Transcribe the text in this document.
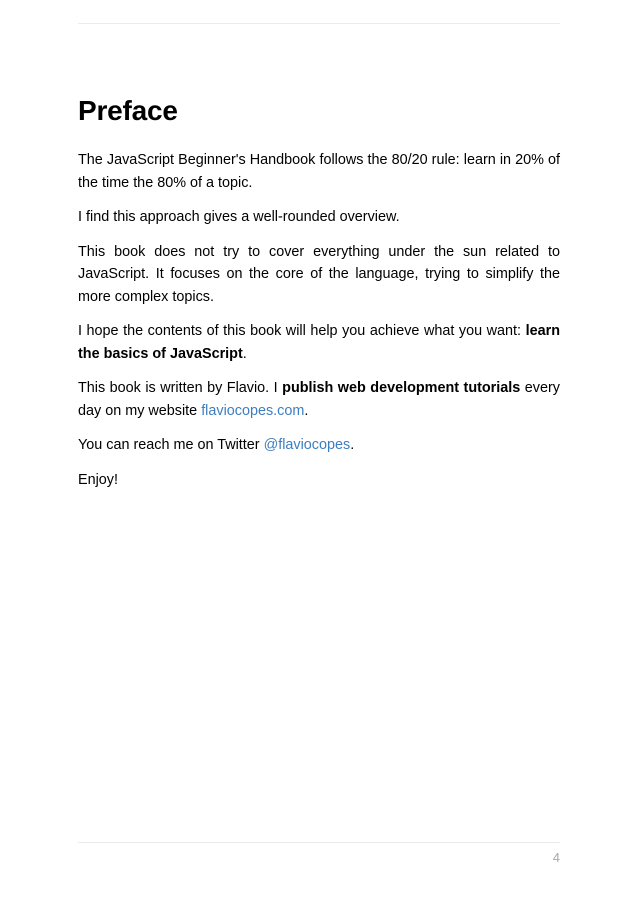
Preface

The JavaScript Beginner's Handbook follows the 80/20 rule: learn in 20% of the time the 80% of a topic.

I find this approach gives a well-rounded overview.

This book does not try to cover everything under the sun related to JavaScript. It focuses on the core of the language, trying to simplify the more complex topics.

I hope the contents of this book will help you achieve what you want: learn the basics of JavaScript.

This book is written by Flavio. I publish web development tutorials every day on my website flaviocopes.com.

You can reach me on Twitter @flaviocopes.

Enjoy!

4
